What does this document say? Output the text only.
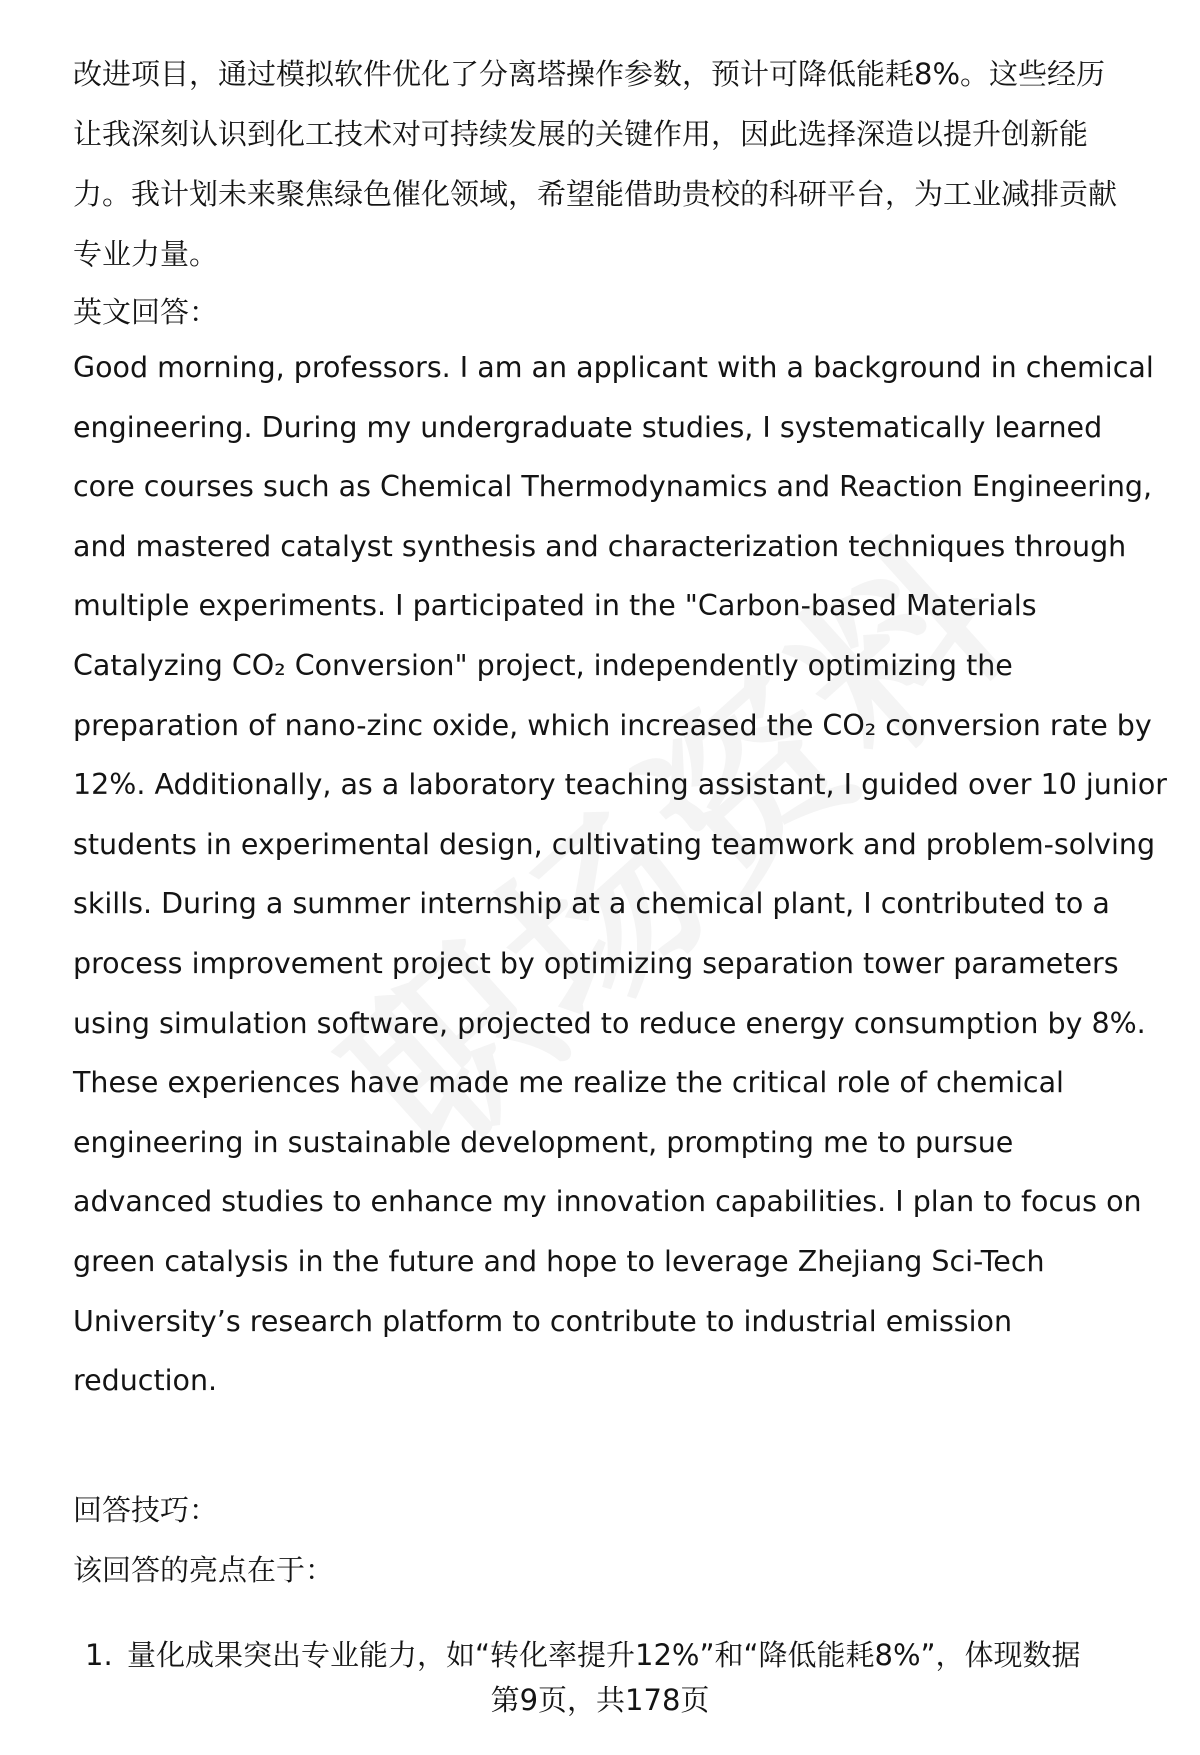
改进项目，通过模拟软件优化了分离塔操作参数，预计可降低能耗8%。这些经历
让我深刻认识到化工技术对可持续发展的关键作用，因此选择深造以提升创新能
力。我计划未来聚焦绿色催化领域，希望能借助贵校的科研平台，为工业减排贡献
专业力量。

英文回答：

Good morning, professors. I am an applicant with a background in chemical
engineering. During my undergraduate studies, I systematically learned
core courses such as Chemical Thermodynamics and Reaction Engineering,
and mastered catalyst synthesis and characterization techniques through
multiple experiments. I participated in the "Carbon-based Materials
Catalyzing CO₂ Conversion" project, independently optimizing the
preparation of nano-zinc oxide, which increased the CO₂ conversion rate by
12%. Additionally, as a laboratory teaching assistant, I guided over 10 junior
students in experimental design, cultivating teamwork and problem-solving
skills. During a summer internship at a chemical plant, I contributed to a
process improvement project by optimizing separation tower parameters
using simulation software, projected to reduce energy consumption by 8%.
These experiences have made me realize the critical role of chemical
engineering in sustainable development, prompting me to pursue
advanced studies to enhance my innovation capabilities. I plan to focus on
green catalysis in the future and hope to leverage Zhejiang Sci-Tech
University’s research platform to contribute to industrial emission
reduction.

回答技巧：

该回答的亮点在于：

1. 量化成果突出专业能力，如“转化率提升12%”和“降低能耗8%”，体现数据
第9页，共178页
